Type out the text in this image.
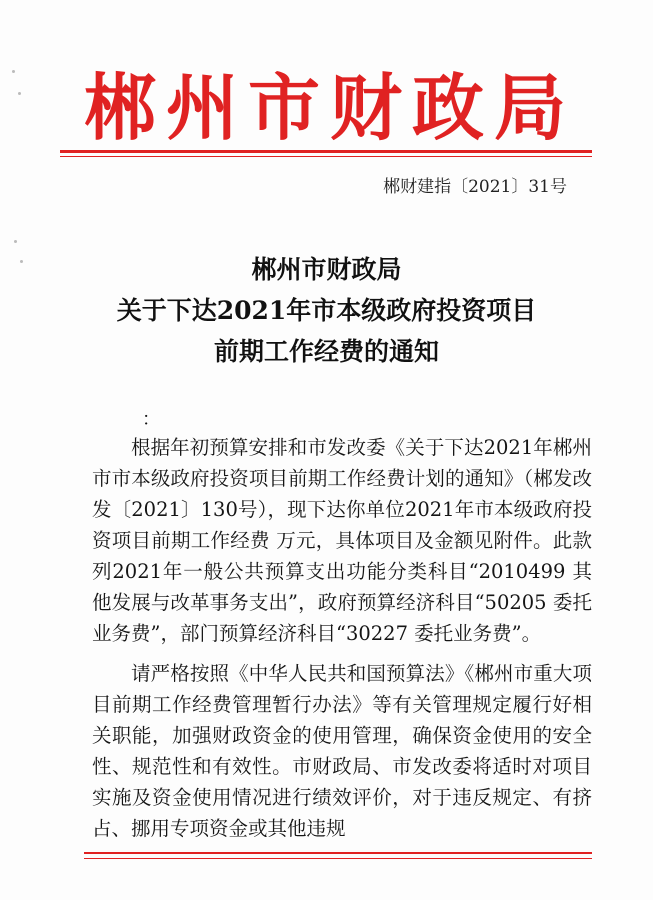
郴州市财政局
郴财建指〔2021〕31号
郴州市财政局
关于下达2021年市本级政府投资项目
前期工作经费的通知
：

根据年初预算安排和市发改委《关于下达2021年郴州市市本级政府投资项目前期工作经费计划的通知》（郴发改发〔2021〕130号），现下达你单位2021年市本级政府投资项目前期工作经费 万元，具体项目及金额见附件。此款列2021年一般公共预算支出功能分类科目“2010499 其他发展与改革事务支出”，政府预算经济科目“50205 委托业务费”，部门预算经济科目“30227 委托业务费”。

请严格按照《中华人民共和国预算法》《郴州市重大项目前期工作经费管理暂行办法》等有关管理规定履行好相关职能，加强财政资金的使用管理，确保资金使用的安全性、规范性和有效性。市财政局、市发改委将适时对项目实施及资金使用情况进行绩效评价，对于违反规定、有挤占、挪用专项资金或其他违规
